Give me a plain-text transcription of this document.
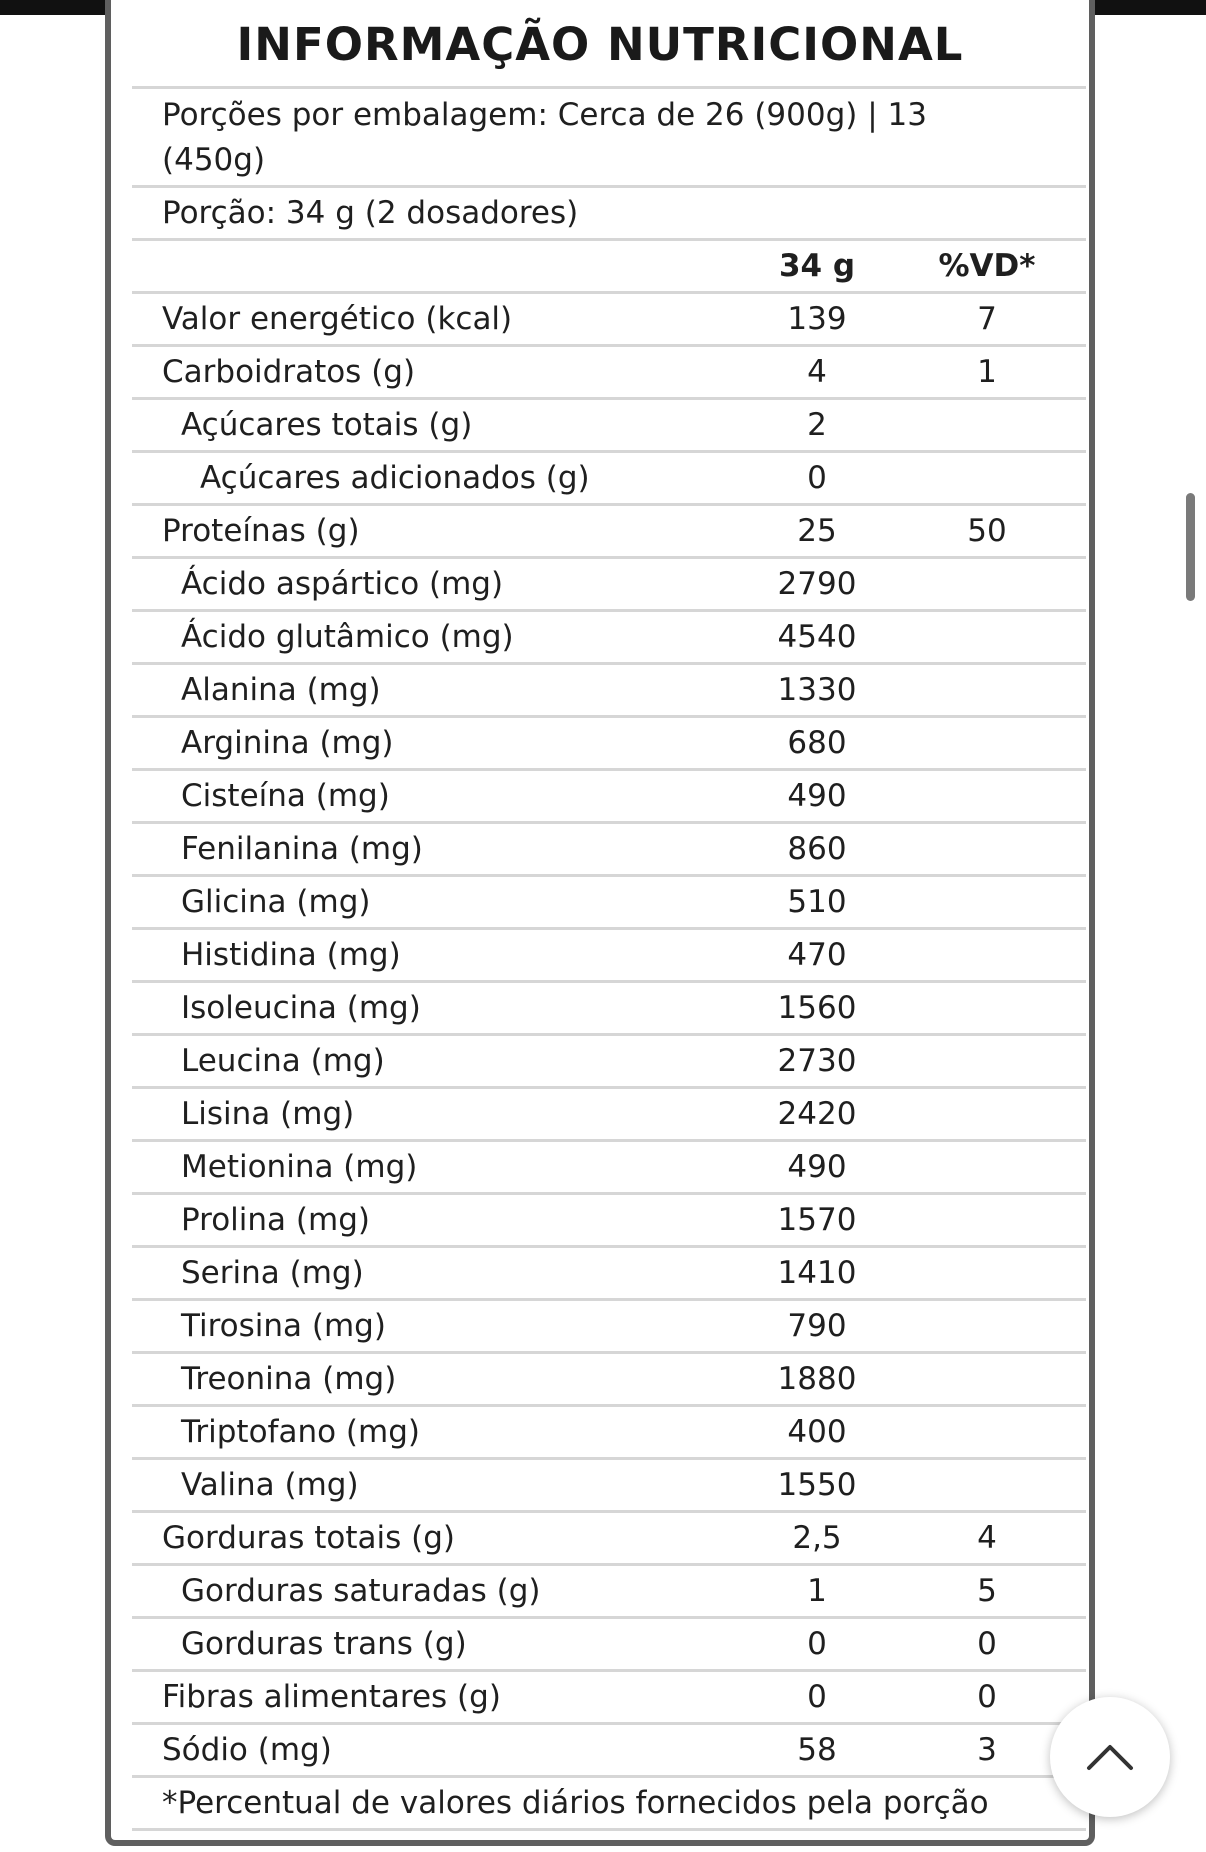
INFORMAÇÃO NUTRICIONAL
Porções por embalagem: Cerca de 26 (900g) | 13 (450g)
Porção: 34 g (2 dosadores)
34 g	%VD*
Valor energético (kcal)	139	7
Carboidratos (g)	4	1
Açúcares totais (g)	2
Açúcares adicionados (g)	0
Proteínas (g)	25	50
Ácido aspártico (mg)	2790
Ácido glutâmico (mg)	4540
Alanina (mg)	1330
Arginina (mg)	680
Cisteína (mg)	490
Fenilanina (mg)	860
Glicina (mg)	510
Histidina (mg)	470
Isoleucina (mg)	1560
Leucina (mg)	2730
Lisina (mg)	2420
Metionina (mg)	490
Prolina (mg)	1570
Serina (mg)	1410
Tirosina (mg)	790
Treonina (mg)	1880
Triptofano (mg)	400
Valina (mg)	1550
Gorduras totais (g)	2,5	4
Gorduras saturadas (g)	1	5
Gorduras trans (g)	0	0
Fibras alimentares (g)	0	0
Sódio (mg)	58	3
*Percentual de valores diários fornecidos pela porção
